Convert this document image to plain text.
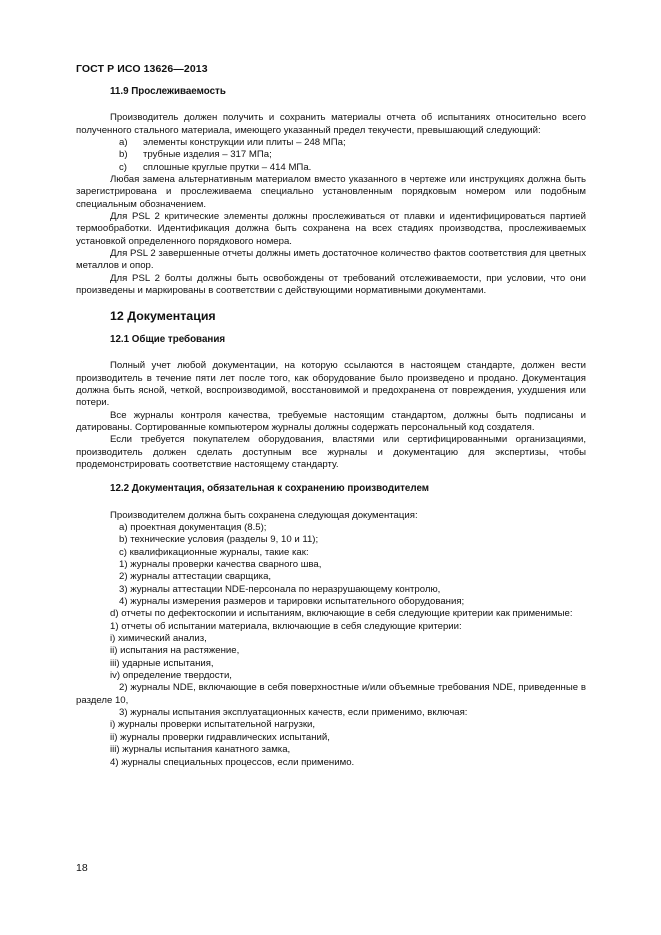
ГОСТ Р ИСО 13626—2013
11.9 Прослеживаемость

Производитель должен получить и сохранить материалы отчета об испытаниях относительно всего полученного стального материала, имеющего указанный предел текучести, превышающий следующий:

a)	элементы конструкции или плиты – 248 МПа;
b)	трубные изделия – 317 МПа;
c)	сплошные круглые прутки – 414 МПа.

Любая замена альтернативным материалом вместо указанного в чертеже или инструкциях должна быть зарегистрирована и прослеживаема специально установленным порядковым номером или подобным специальным обозначением.

Для PSL 2 критические элементы должны прослеживаться от плавки и идентифицироваться партией термообработки. Идентификация должна быть сохранена на всех стадиях производства, прослеживаемых установкой определенного порядкового номера.

Для PSL 2 завершенные отчеты должны иметь достаточное количество фактов соответствия для цветных металлов и опор.

Для PSL 2 болты должны быть освобождены от требований отслеживаемости, при условии, что они произведены и маркированы в соответствии с действующими нормативными документами.

12 Документация
12.1 Общие требования

Полный учет любой документации, на которую ссылаются в настоящем стандарте, должен вести производитель в течение пяти лет после того, как оборудование было произведено и продано. Документация должна быть ясной, четкой, воспроизводимой, восстановимой и предохранена от повреждения, ухудшения или потери.

Все журналы контроля качества, требуемые настоящим стандартом, должны быть подписаны и датированы. Сортированные компьютером журналы должны содержать персональный код создателя.

Если требуется покупателем оборудования, властями или сертифицированными организациями, производитель должен сделать доступным все журналы и документацию для экспертизы, чтобы продемонстрировать соответствие настоящему стандарту.

12.2 Документация, обязательная к сохранению производителем

Производителем должна быть сохранена следующая документация:

a) проектная документация (8.5);

b) технические условия (разделы 9, 10 и 11);

c) квалификационные журналы, такие как:

1) журналы проверки качества сварного шва,

2) журналы аттестации сварщика,

3) журналы аттестации NDE-персонала по неразрушающему контролю,

4) журналы измерения размеров и тарировки испытательного оборудования;

d) отчеты по дефектоскопии и испытаниям, включающие в себя следующие критерии как применимые:

1) отчеты об испытании материала, включающие в себя следующие критерии:

i) химический анализ,

ii) испытания на растяжение,

iii) ударные испытания,

iv) определение твердости,

2) журналы NDE, включающие в себя поверхностные и/или объемные требования NDE, приведенные в разделе 10,

3) журналы испытания эксплуатационных качеств, если применимо, включая:

i) журналы проверки испытательной нагрузки,

ii) журналы проверки гидравлических испытаний,

iii) журналы испытания канатного замка,

4) журналы специальных процессов, если применимо.

18
